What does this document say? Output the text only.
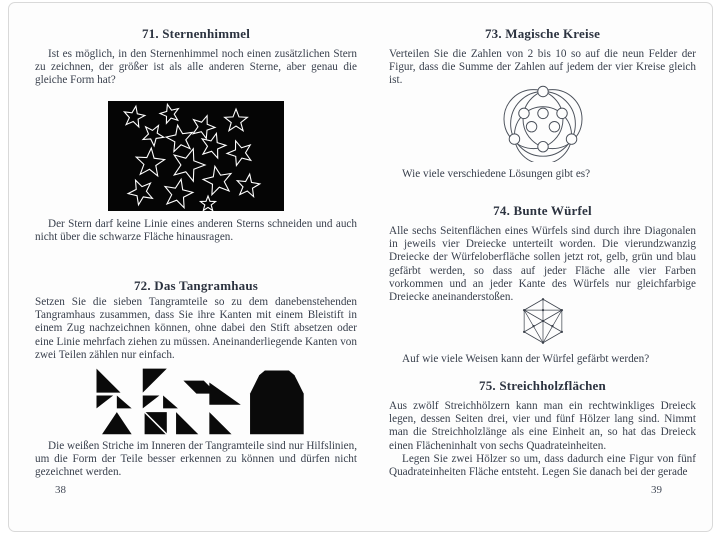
71. Sternenhimmel

Ist es möglich, in den Sternenhimmel noch einen zusätzlichen Stern zu zeichnen, der größer ist als alle anderen Sterne, aber genau die gleiche Form hat?

Der Stern darf keine Linie eines anderen Sterns schneiden und auch nicht über die schwarze Fläche hinausragen.

72. Das Tangramhaus

Setzen Sie die sieben Tangramteile so zu dem danebenstehenden Tangramhaus zusammen, dass Sie ihre Kanten mit einem Bleistift in einem Zug nachzeichnen können, ohne dabei den Stift absetzen oder eine Linie mehrfach ziehen zu müssen. Aneinanderliegende Kanten von zwei Teilen zählen nur einfach.

Die weißen Striche im Inneren der Tangramteile sind nur Hilfslinien, um die Form der Teile besser erkennen zu können und dürfen nicht gezeichnet werden.

38
73. Magische Kreise

Verteilen Sie die Zahlen von 2 bis 10 so auf die neun Felder der Figur, dass die Summe der Zahlen auf jedem der vier Kreise gleich ist.

Wie viele verschiedene Lösungen gibt es?

74. Bunte Würfel

Alle sechs Seitenflächen eines Würfels sind durch ihre Diagonalen in jeweils vier Dreiecke unterteilt worden. Die vierundzwanzig Dreiecke der Würfeloberfläche sollen jetzt rot, gelb, grün und blau gefärbt werden, so dass auf jeder Fläche alle vier Farben vorkommen und an jeder Kante des Würfels nur gleichfarbige Dreiecke aneinanderstoßen.

Auf wie viele Weisen kann der Würfel gefärbt werden?

75. Streichholzflächen

Aus zwölf Streichhölzern kann man ein rechtwinkliges Dreieck legen, dessen Seiten drei, vier und fünf Hölzer lang sind. Nimmt man die Streichholzlänge als eine Einheit an, so hat das Dreieck einen Flächeninhalt von sechs Quadrateinheiten.

Legen Sie zwei Hölzer so um, dass dadurch eine Figur von fünf Quadrateinheiten Fläche entsteht. Legen Sie danach bei der gerade

39
